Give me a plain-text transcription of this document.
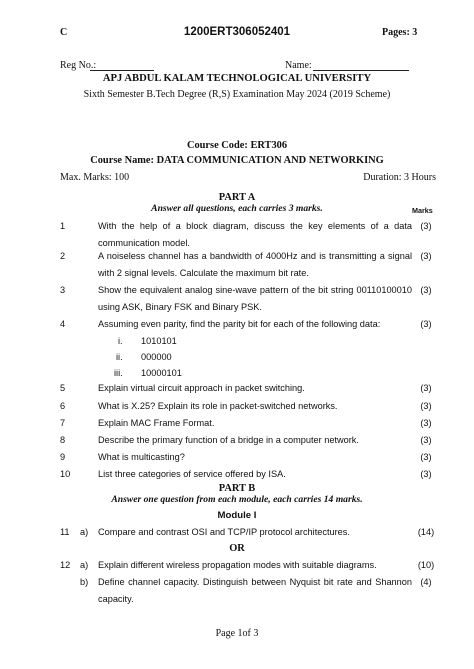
C	1200ERT306052401	Pages: 3
Reg No.:	Name:
APJ ABDUL KALAM TECHNOLOGICAL UNIVERSITY
Sixth Semester B.Tech Degree (R,S) Examination May 2024 (2019 Scheme)
Course Code: ERT306
Course Name: DATA COMMUNICATION AND NETWORKING
Max. Marks: 100	Duration: 3 Hours
PART A
Answer all questions, each carries 3 marks.	Marks
1	With the help of a block diagram, discuss the key elements of a data communication model.
(3)
2	A noiseless channel has a bandwidth of 4000Hz and is transmitting a signal with 2 signal levels. Calculate the maximum bit rate.
(3)
3	Show the equivalent analog sine-wave pattern of the bit string 00110100010 using ASK, Binary FSK and Binary PSK.
(3)
4	Assuming even parity, find the parity bit for each of the following data:	(3)
i. 1010101
ii. 000000
iii. 10000101
5	Explain virtual circuit approach in packet switching.	(3)
6	What is X.25? Explain its role in packet-switched networks.	(3)
7	Explain MAC Frame Format.	(3)
8	Describe the primary function of a bridge in a computer network.	(3)
9	What is multicasting?	(3)
10	List three categories of service offered by ISA.	(3)
PART B
Answer one question from each module, each carries 14 marks.
Module I
11	a) Compare and contrast OSI and TCP/IP protocol architectures.	(14)
OR
12	a) Explain different wireless propagation modes with suitable diagrams.	(10)
b) Define channel capacity. Distinguish between Nyquist bit rate and Shannon capacity.
(4)
Page 1of 3
